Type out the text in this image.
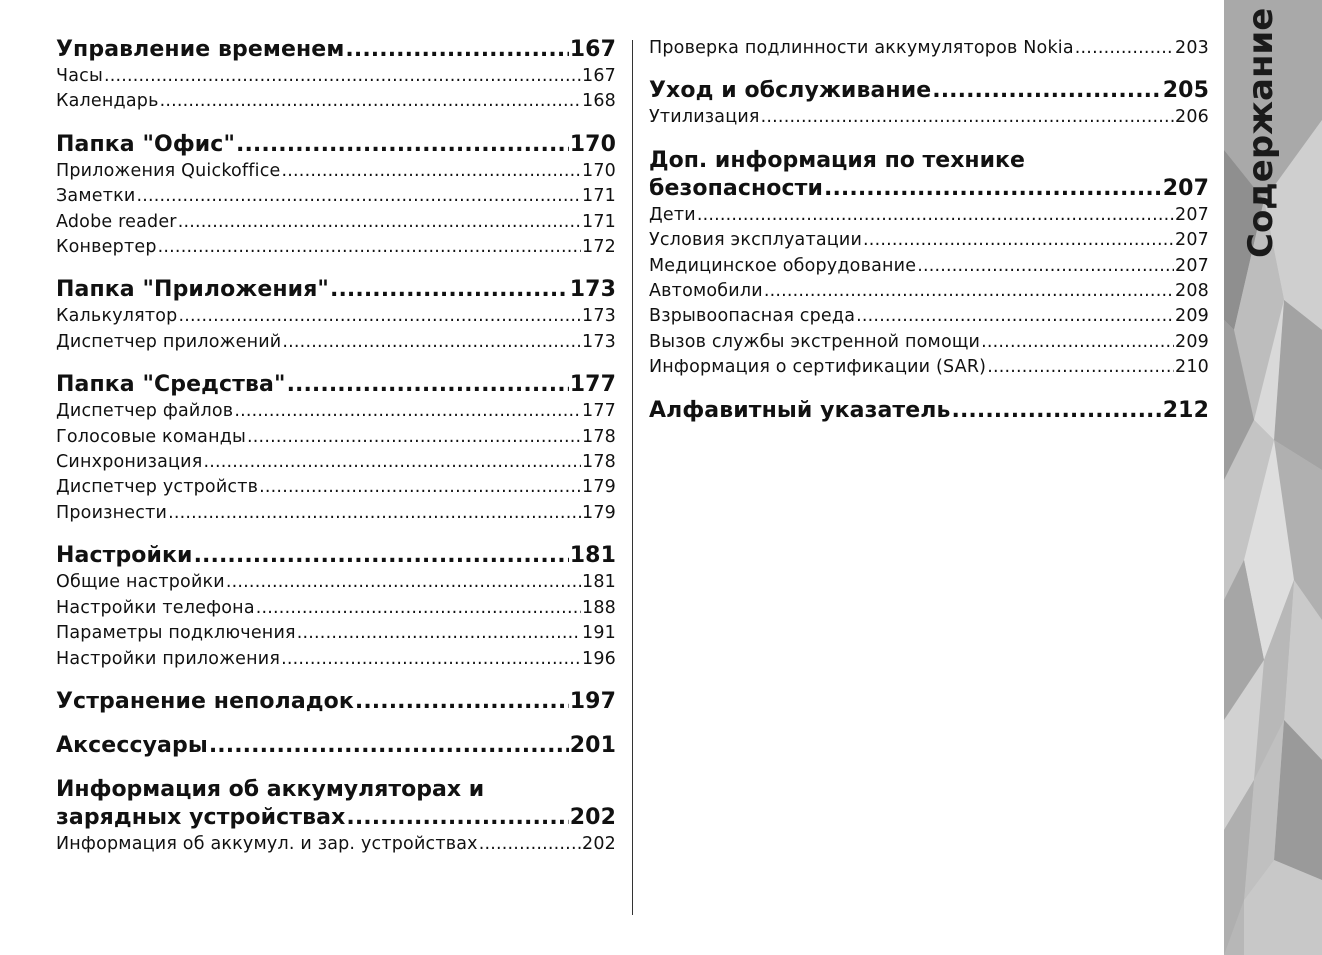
Управление временем .....	167
Часы .....	167
Календарь .....	168
Папка "Офис" .....	170
Приложения Quickoffice .....	170
Заметки .....	171
Adobe reader .....	171
Конвертер .....	172
Папка "Приложения" .....	173
Калькулятор .....	173
Диспетчер приложений .....	173
Папка "Средства" .....	177
Диспетчер файлов .....	177
Голосовые команды .....	178
Синхронизация .....	178
Диспетчер устройств .....	179
Произнести .....	179
Настройки .....	181
Общие настройки .....	181
Настройки телефона .....	188
Параметры подключения .....	191
Настройки приложения .....	196
Устранение неполадок .....	197
Аксессуары .....	201
Информация об аккумуляторах и
зарядных устройствах .....	202
Информация об аккумул. и зар. устройствах .....	202
Проверка подлинности аккумуляторов Nokia .....	203
Уход и обслуживание .....	205
Утилизация .....	206
Доп. информация по технике
безопасности .....	207
Дети .....	207
Условия эксплуатации .....	207
Медицинское оборудование .....	207
Автомобили .....	208
Взрывоопасная среда .....	209
Вызов службы экстренной помощи .....	209
Информация о сертификации (SAR) .....	210
Алфавитный указатель .....	212
Содержание
